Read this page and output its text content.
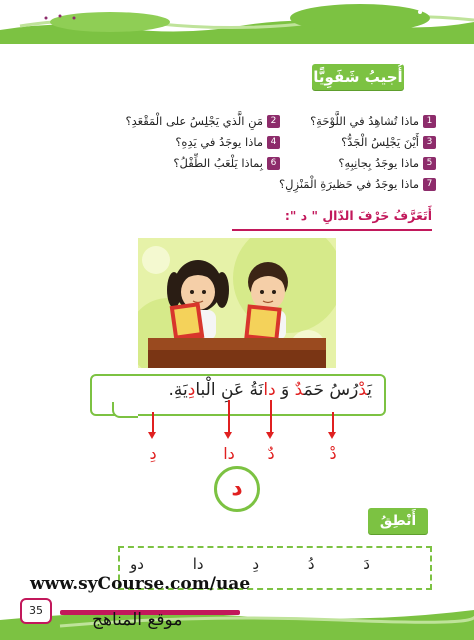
أُجيبُ شَفَوِيًّا
1ماذا تُشاهِدُ في اللَّوْحَةِ؟
3أَيْنَ يَجْلِسُ الْجَدُّ؟
5ماذا يوجَدُ بِجانِبِهِ؟
7ماذا يوجَدُ في حَظيرَةِ الْمَنْزِلِ؟
2مَنِ الَّذي يَجْلِسُ على الْمَقْعَدِ؟
4ماذا يوجَدُ في يَدِهِ؟
6بِماذا يَلْعَبُ الطِّفْلُ؟
أَتَعَرَّفُ حَرْفَ الدّالِ " د ":
يَدْرُسُ حَمَدٌ وَ دانَةُ عَنِ الْبادِيَةِ.
دْ
دٌ
دا
دِ
د
أَنْطِقُ
دَ
دُ
دِ
دا
دو
35
www.syCourse.com/uae
موقع المناهج
